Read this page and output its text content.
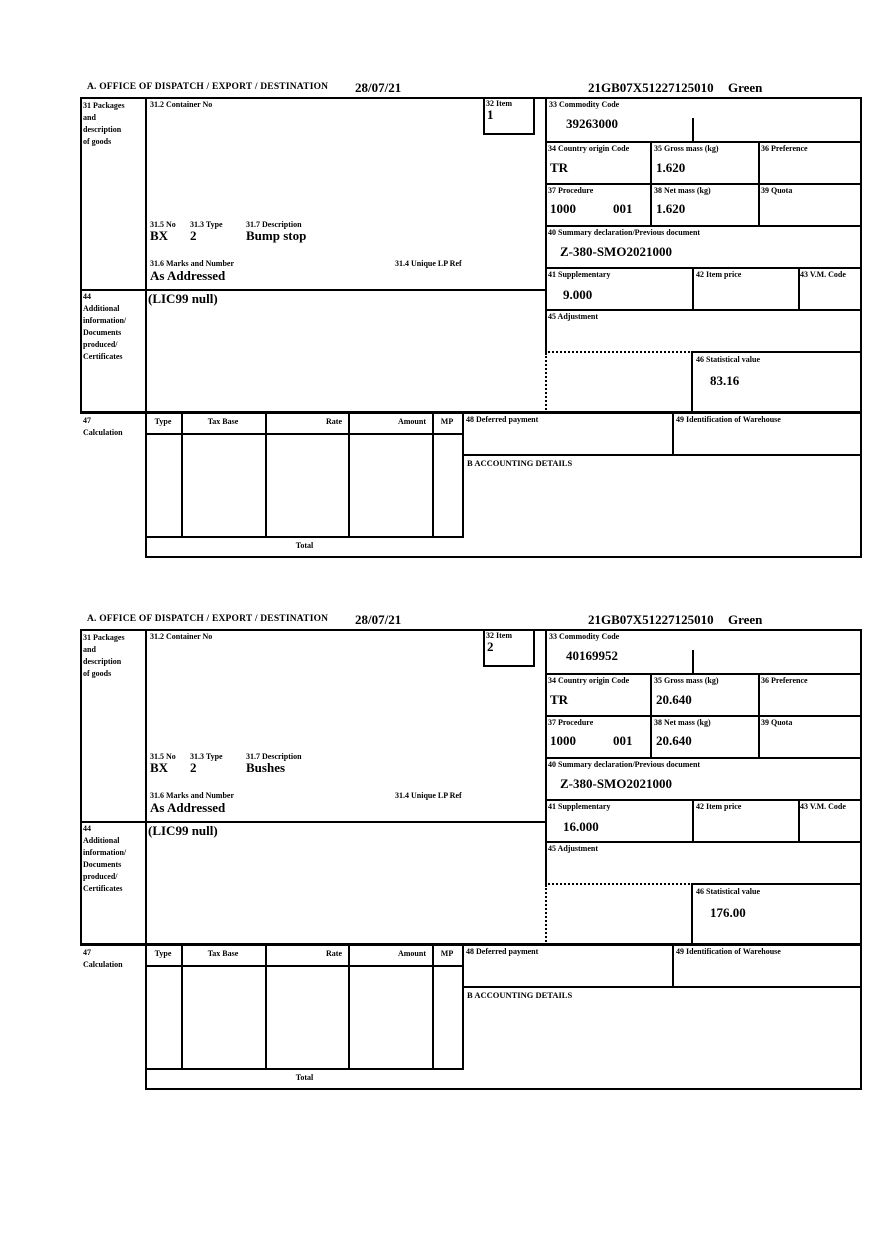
A. OFFICE OF DISPATCH / EXPORT / DESTINATION 28/07/21	21GB07X51227125010 Green
31 Packages
and
description
of goods
31.2 Container No	32 Item
1
33 Commodity Code
39263000
34 Country origin Code
TR
35 Gross mass (kg)
1.620
36 Preference
37 Procedure
1000	001
38 Net mass (kg)
1.620
39 Quota
40 Summary declaration/Previous document
Z-380-SMO2021000
41 Supplementary
9.000
42 Item price	43 V.M. Code
45 Adjustment
46 Statistical value
83.16
31.5 No 31.3 Type	31.7 Description
BX 2	Bump stop
31.6 Marks and Number	31.4 Unique LP Ref
As Addressed
44
Additional
information/
Documents
produced/
Certificates
(LIC99 null)
47
Calculation
Type	Tax Base	Rate	Amount	MP	48 Deferred payment	49 Identification of Warehouse
B ACCOUNTING DETAILS
Total
A. OFFICE OF DISPATCH / EXPORT / DESTINATION 28/07/21	21GB07X51227125010 Green
31 Packages
and
description
of goods
31.2 Container No	32 Item
2
33 Commodity Code
40169952
34 Country origin Code
TR
35 Gross mass (kg)
20.640
36 Preference
37 Procedure
1000	001
38 Net mass (kg)
20.640
39 Quota
40 Summary declaration/Previous document
Z-380-SMO2021000
41 Supplementary
16.000
42 Item price	43 V.M. Code
45 Adjustment
46 Statistical value
176.00
31.5 No 31.3 Type	31.7 Description
BX 2	Bushes
31.6 Marks and Number	31.4 Unique LP Ref
As Addressed
44
Additional
information/
Documents
produced/
Certificates
(LIC99 null)
47
Calculation
Type	Tax Base	Rate	Amount	MP	48 Deferred payment	49 Identification of Warehouse
B ACCOUNTING DETAILS
Total
